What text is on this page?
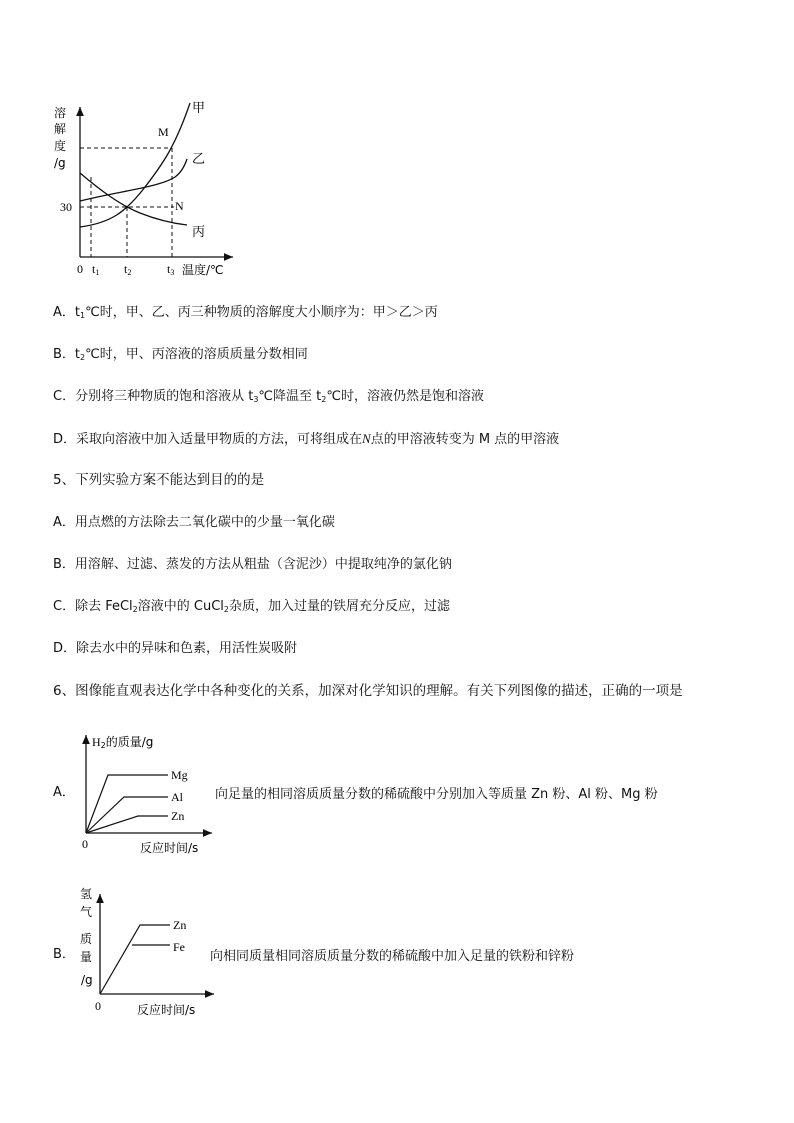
溶
解
度
/g
30
0 t1 t2	t3 温度/℃
甲
乙
丙
M
N
A．$t_1℃$时，甲、乙、丙三种物质的溶解度大小顺序为：甲＞乙＞丙
B．$t_2℃$时，甲、丙溶液的溶质质量分数相同
C．分别将三种物质的饱和溶液从 $t_3℃$降温至 $t_2℃$时，溶液仍然是饱和溶液
D．采取向溶液中加入适量甲物质的方法，可将组成在N点的甲溶液转变为 M 点的甲溶液
5、下列实验方案不能达到目的的是
A．用点燃的方法除去二氧化碳中的少量一氧化碳
B．用溶解、过滤、蒸发的方法从粗盐（含泥沙）中提取纯净的氯化钠
C．除去 FeCl$_2$溶液中的 CuCl$_2$杂质，加入过量的铁屑充分反应，过滤
D．除去水中的异味和色素，用活性炭吸附
6、图像能直观表达化学中各种变化的关系，加深对化学知识的理解。有关下列图像的描述，正确的一项是
A．
H2的质量/g
Mg
Al
Zn
0	反应时间/s
向足量的相同溶质质量分数的稀硫酸中分别加入等质量 Zn 粉、Al 粉、Mg 粉
B．
氢
气
质
量
/g
Zn
Fe
0	反应时间/s
向相同质量相同溶质质量分数的稀硫酸中加入足量的铁粉和锌粉
